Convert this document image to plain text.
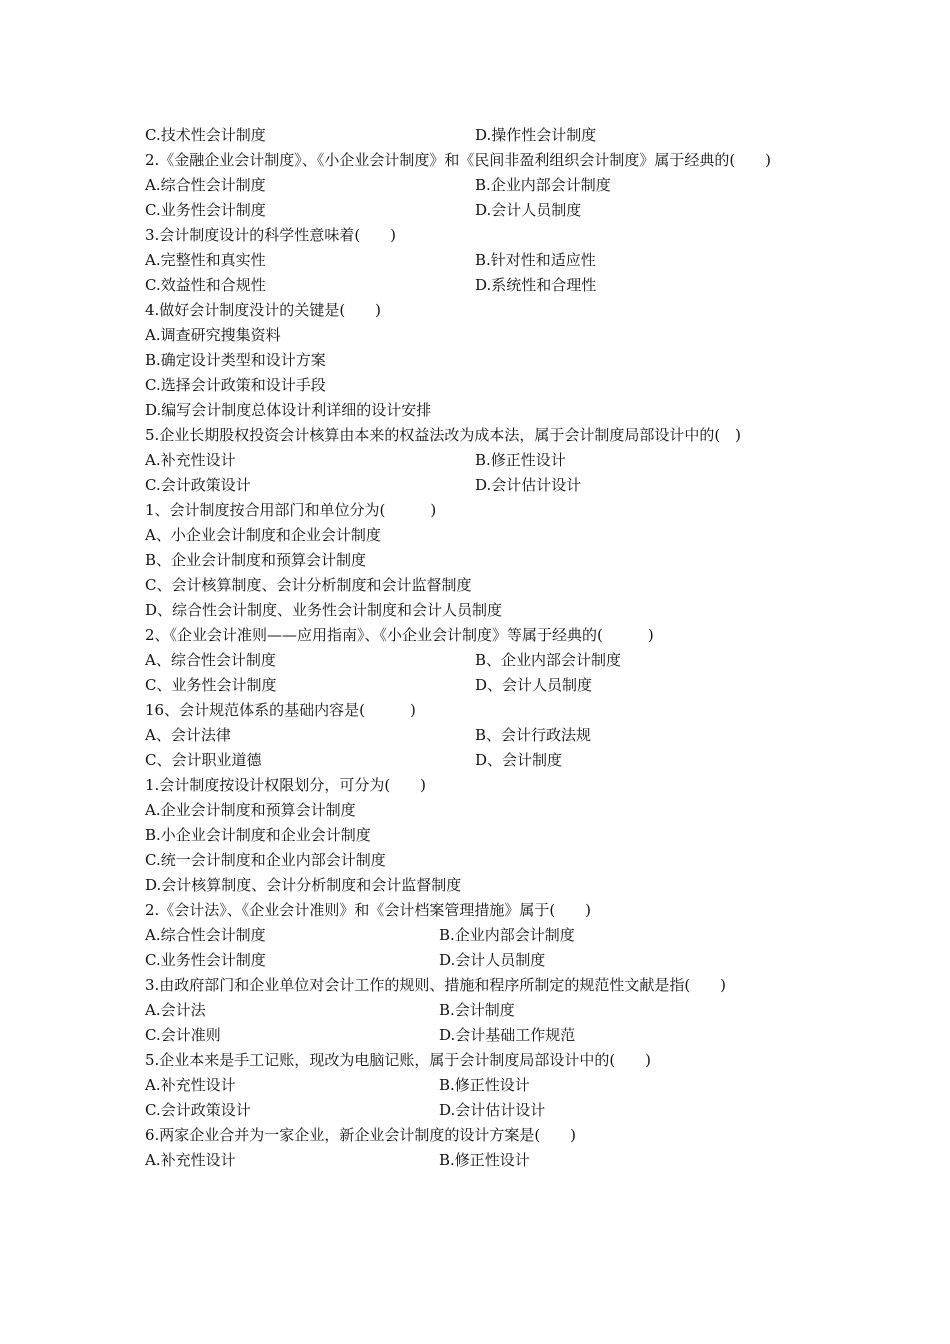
C.技术性会计制度	D.操作性会计制度
2.《金融企业会计制度》、《小企业会计制度》和《民间非盈利组织会计制度》属于经典的(　　)
A.综合性会计制度	B.企业内部会计制度
C.业务性会计制度	D.会计人员制度
3.会计制度设计的科学性意味着(　　)
A.完整性和真实性	B.针对性和适应性
C.效益性和合规性	D.系统性和合理性
4.做好会计制度没计的关键是(　　)
A.调查研究搜集资料
B.确定设计类型和设计方案
C.选择会计政策和设计手段
D.编写会计制度总体设计利详细的设计安排
5.企业长期股权投资会计核算由本来的权益法改为成本法，属于会计制度局部设计中的(　)
A.补充性设计	B.修正性设计
C.会计政策设计	D.会计估计设计
1、会计制度按合用部门和单位分为(　　　)
A、小企业会计制度和企业会计制度
B、企业会计制度和预算会计制度
C、会计核算制度、会计分析制度和会计监督制度
D、综合性会计制度、业务性会计制度和会计人员制度
2、《企业会计准则——应用指南》、《小企业会计制度》等属于经典的(　　　)
A、综合性会计制度	B、企业内部会计制度
C、业务性会计制度	D、会计人员制度
16、会计规范体系的基础内容是(　　　)
A、会计法律	B、会计行政法规
C、会计职业道德	D、会计制度
1.会计制度按设计权限划分，可分为(　　)
A.企业会计制度和预算会计制度
B.小企业会计制度和企业会计制度
C.统一会计制度和企业内部会计制度
D.会计核算制度、会计分析制度和会计监督制度
2.《会计法》、《企业会计准则》和《会计档案管理措施》属于(　　)
A.综合性会计制度	B.企业内部会计制度
C.业务性会计制度	D.会计人员制度
3.由政府部门和企业单位对会计工作的规则、措施和程序所制定的规范性文献是指(　　)
A.会计法	B.会计制度
C.会计准则	D.会计基础工作规范
5.企业本来是手工记账，现改为电脑记账，属于会计制度局部设计中的(　　)
A.补充性设计	B.修正性设计
C.会计政策设计	D.会计估计设计
6.两家企业合并为一家企业，新企业会计制度的设计方案是(　　)
A.补充性设计	B.修正性设计
